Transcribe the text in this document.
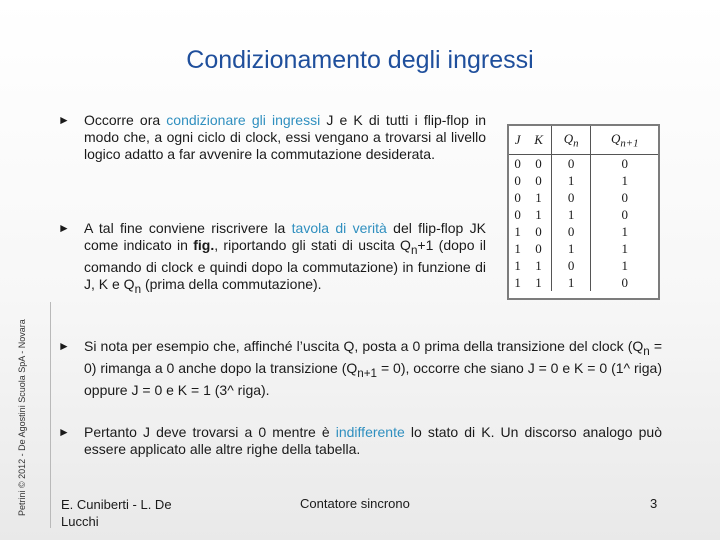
Condizionamento degli ingressi
Petrini © 2012 - De Agostini Scuola SpA - Novara
► Occorre ora condizionare gli ingressi J e K di tutti i flip-flop in modo che, a ogni ciclo di clock, essi vengano a trovarsi al livello logico adatto a far avvenire la commutazione desiderata.
► A tal fine conviene riscrivere la tavola di verità del flip-flop JK come indicato in fig., riportando gli stati di uscita $Q_n+1$ (dopo il comando di clock e quindi dopo la commutazione) in funzione di J, K e $Q_n$ (prima della commutazione).
J	K	$Q_n$	$Q_{n+1}$
0	0	0	0
0	0	1	1
0	1	0	0
0	1	1	0
1	0	0	1
1	0	1	1
1	1	0	1
1	1	1	0
► Si nota per esempio che, affinché l’uscita Q, posta a 0 prima della transizione del clock $(Q_n = 0)$ rimanga a 0 anche dopo la transizione $(Q_{n+1} = 0)$, occorre che siano J = 0 e K = 0 (1^ riga) oppure J = 0 e K = 1 (3^ riga).
► Pertanto J deve trovarsi a 0 mentre è indifferente lo stato di K. Un discorso analogo può essere applicato alle altre righe della tabella.
E. Cuniberti - L. De Lucchi
Contatore sincrono	3
